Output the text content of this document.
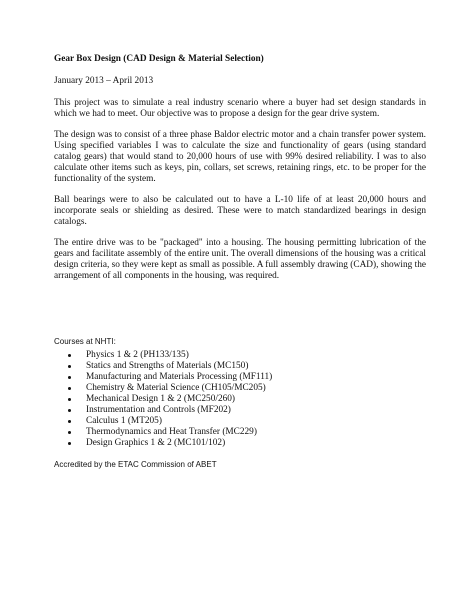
Gear Box Design (CAD Design & Material Selection)
January 2013 – April 2013

This project was to simulate a real industry scenario where a buyer had set design standards in which we had to meet. Our objective was to propose a design for the gear drive system.

The design was to consist of a three phase Baldor electric motor and a chain transfer power system. Using specified variables I was to calculate the size and functionality of gears (using standard catalog gears) that would stand to 20,000 hours of use with 99% desired reliability. I was to also calculate other items such as keys, pin, collars, set screws, retaining rings, etc. to be proper for the functionality of the system.

Ball bearings were to also be calculated out to have a L-10 life of at least 20,000 hours and incorporate seals or shielding as desired. These were to match standardized bearings in design catalogs.

The entire drive was to be "packaged" into a housing. The housing permitting lubrication of the gears and facilitate assembly of the entire unit. The overall dimensions of the housing was a critical design criteria, so they were kept as small as possible. A full assembly drawing (CAD), showing the arrangement of all components in the housing, was required.

Courses at NHTI:
Physics 1 & 2 (PH133/135)
Statics and Strengths of Materials (MC150)
Manufacturing and Materials Processing (MF111)
Chemistry & Material Science (CH105/MC205)
Mechanical Design 1 & 2 (MC250/260)
Instrumentation and Controls (MF202)
Calculus 1 (MT205)
Thermodynamics and Heat Transfer (MC229)
Design Graphics 1 & 2 (MC101/102)
Accredited by the ETAC Commission of ABET
